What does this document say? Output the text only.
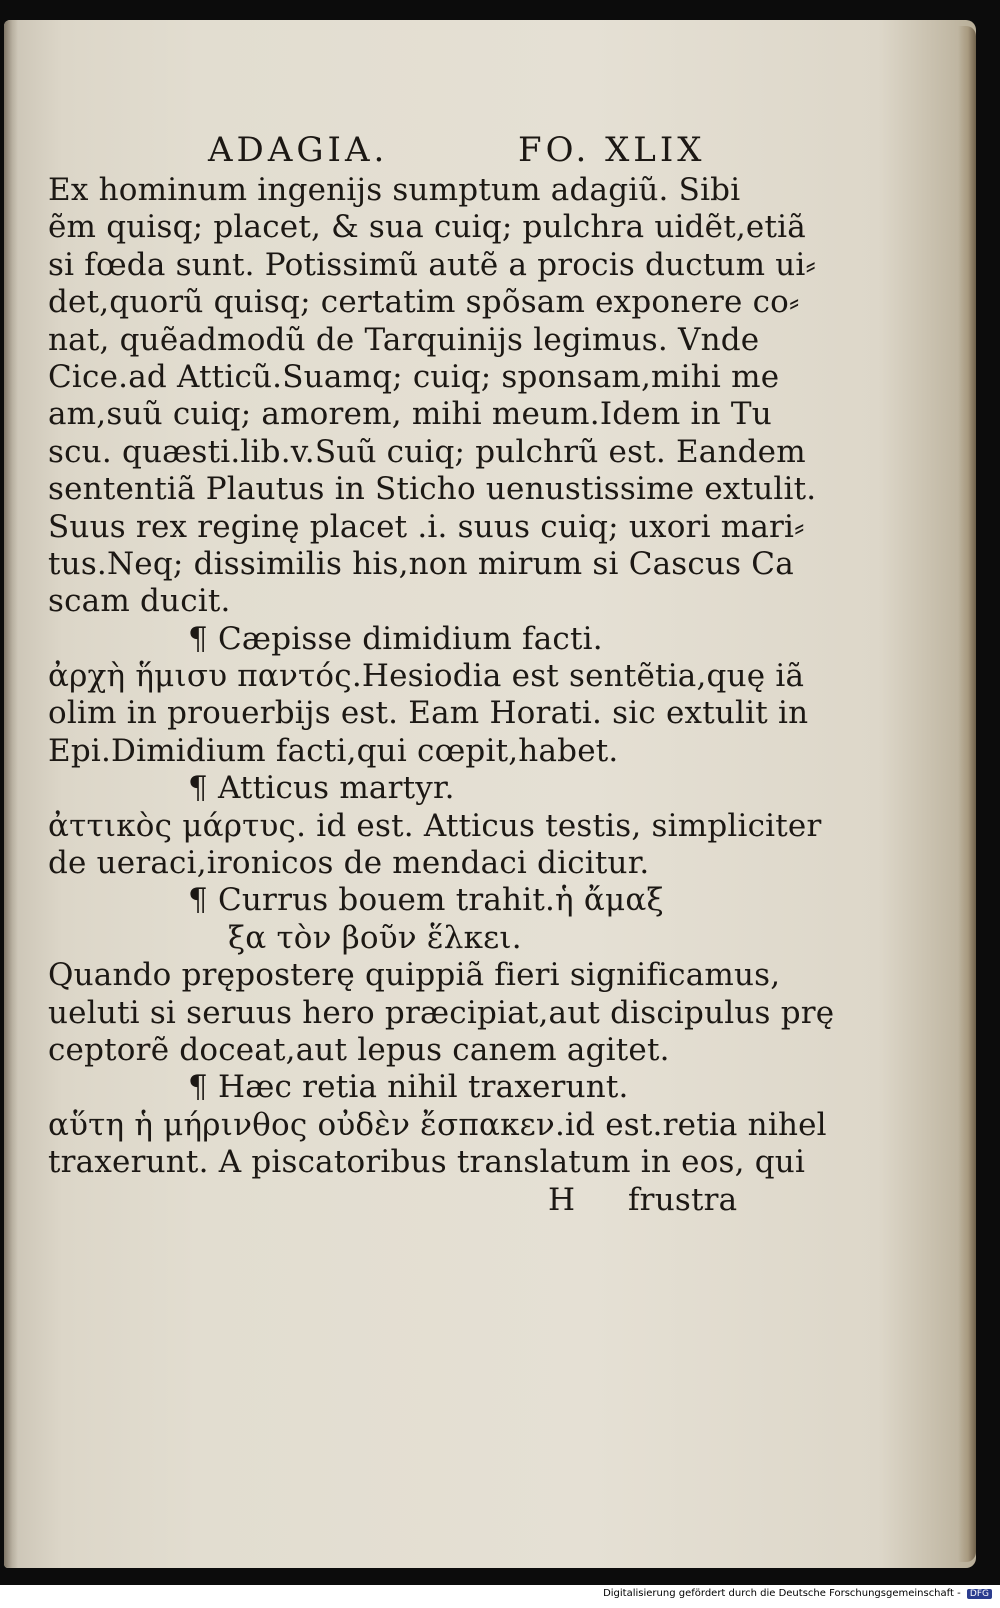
ADAGIA.	FO. XLIX
Ex hominum ingenijs sumptum adagiũ. Sibi
ẽm quisq; placet, & sua cuiq; pulchra uidẽt,etiã
si fœda sunt. Potissimũ autẽ a procis ductum ui⸗
det,quorũ quisq; certatim spõsam exponere co⸗
nat, quẽadmodũ de Tarquinijs legimus. Vnde
Cice.ad Atticũ.Suamq; cuiq; sponsam,mihi me
am,suũ cuiq; amorem, mihi meum.Idem in Tu
scu. quæsti.lib.v.Suũ cuiq; pulchrũ est. Eandem
sententiã Plautus in Sticho uenustissime extulit.
Suus rex reginę placet .i. suus cuiq; uxori mari⸗
tus.Neq; dissimilis his,non mirum si Cascus Ca
scam ducit.
¶ Cæpisse dimidium facti.
ἀρχὴ ἥμισυ παντός.Hesiodia est sentẽtia,quę iã
olim in prouerbijs est. Eam Horati. sic extulit in
Epi.Dimidium facti,qui cœpit,habet.
¶ Atticus martyr.
ἀττικὸς μάρτυς. id est. Atticus testis, simpliciter
de ueraci,ironicos de mendaci dicitur.
¶ Currus bouem trahit.ἡ ἄμαξ
ξα τὸν βοῦν ἕλκει.
Quando pręposterę quippiã fieri significamus,
ueluti si seruus hero præcipiat,aut discipulus prę
ceptorẽ doceat,aut lepus canem agitet.
¶ Hæc retia nihil traxerunt.
αὕτη ἡ μήρινθος οὐδὲν ἔσπακεν.id est.retia nihel
traxerunt. A piscatoribus translatum in eos, qui
H frustra
Digitalisierung gefördert durch die Deutsche Forschungsgemeinschaft - DFG
